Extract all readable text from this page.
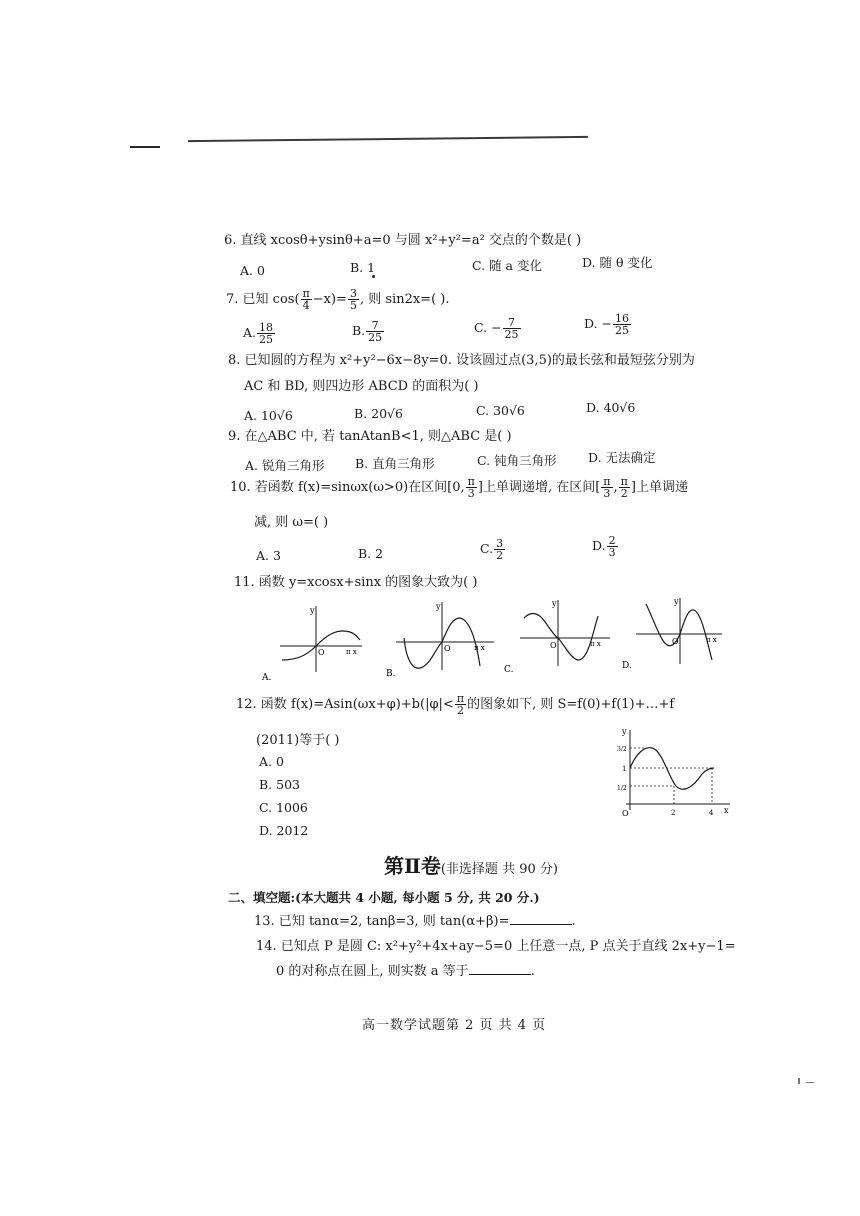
6. 直线 xcosθ+ysinθ+a=0 与圆 x²+y²=a² 交点的个数是( )
A. 0	B. 1	C. 随 a 变化	D. 随 θ 变化
7. 已知 $\cos( \frac{\pi}{4} -x)= \frac{3}{5}$ , 则 sin2x=( ).
A. $\frac{18}{25}$	B. $\frac{7}{25}$	C. − $\frac{7}{25}$	D. − $\frac{16}{25}$
8. 已知圆的方程为 x²+y²−6x−8y=0. 设该圆过点(3,5)的最长弦和最短弦分别为
AC 和 BD, 则四边形 ABCD 的面积为( )
A. 10√6	B. 20√6	C. 30√6	D. 40√6
9. 在△ABC 中, 若 tanAtanB<1, 则△ABC 是( )
A. 锐角三角形 B. 直角三角形	C. 钝角三角形	D. 无法确定
10. 若函数 f(x)=sinωx(ω>0)在区间[0, $\frac{\pi}{3}$ ]上单调递增, 在区间[ $\frac{\pi}{3}$ , $\frac{\pi}{2}$ ]上单调递
减, 则 ω=( )
A. 3	B. 2	C. $\frac{3}{2}$	D. $\frac{2}{3}$
11. 函数 y=xcosx+sinx 的图象大致为( )
y
O	π x
A.
y
O	π x
B.
y
O	π x
C.
y
O	π x
D.
12. 函数 $f(x)=Asin(\omega x+\varphi)+b(|\varphi|< \frac{\pi}{2}$ 的图象如下, 则 S=f(0)+f(1)+…+f
(2011)等于( )
A. 0
B. 503
C. 1006
D. 2012
y
3/2
1
1/2
O	2	4 x
第Ⅱ卷(非选择题 共 90 分)
二、填空题:(本大题共 4 小题, 每小题 5 分, 共 20 分.)
13. 已知 tanα=2, tanβ=3, 则 tan(α+β)=	.
14. 已知点 P 是圆 C: x²+y²+4x+ay−5=0 上任意一点, P 点关于直线 2x+y−1=
0 的对称点在圆上, 则实数 a 等于	.
高一数学试题第 2 页 共 4 页
